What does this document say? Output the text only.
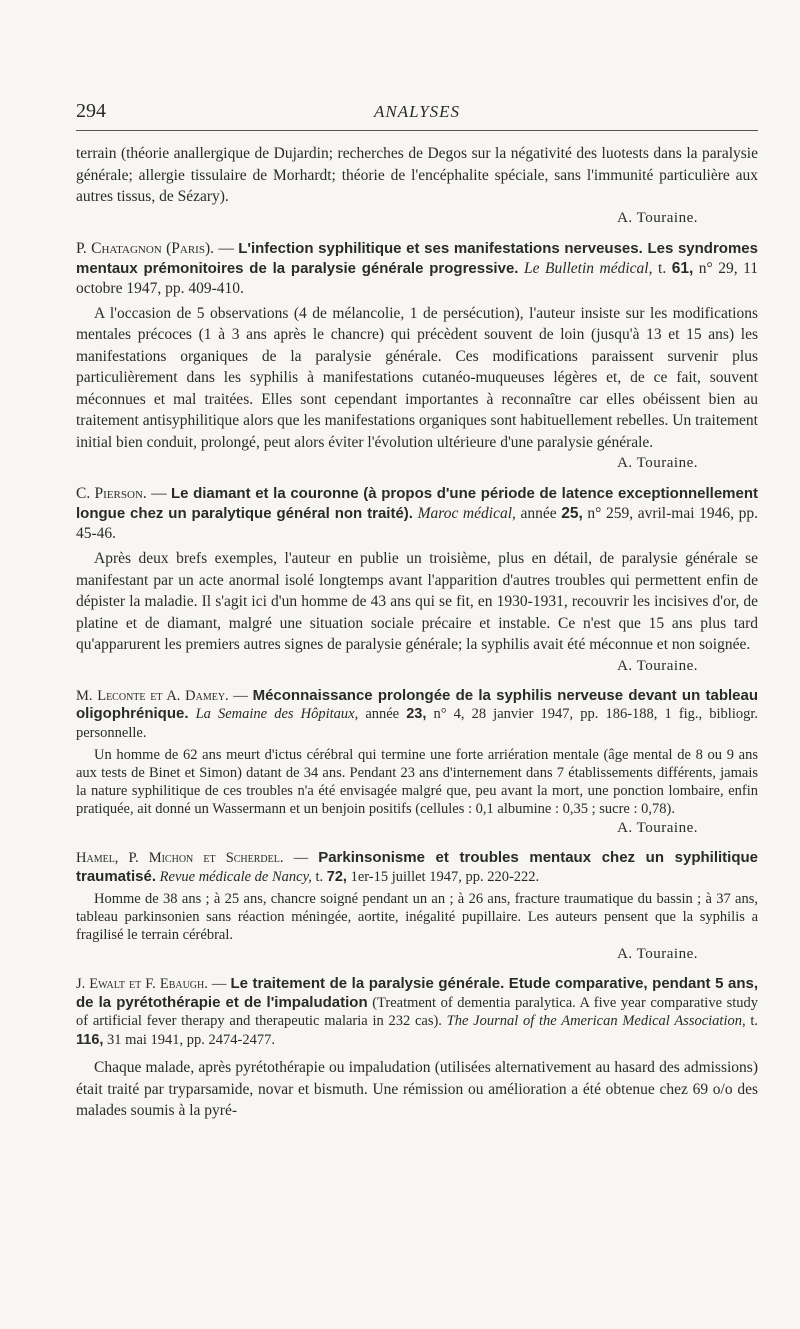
294	ANALYSES

terrain (théorie anallergique de Dujardin; recherches de Degos sur la négativité des luotests dans la paralysie générale; allergie tissulaire de Morhardt; théorie de l'encéphalite spéciale, sans l'immunité particulière aux autres tissus, de Sézary).

A. Touraine.
P. Chatagnon (Paris). — L'infection syphilitique et ses manifestations nerveuses. Les syndromes mentaux prémonitoires de la paralysie générale progressive. Le Bulletin médical, t. 61, n° 29, 11 octobre 1947, pp. 409-410.

A l'occasion de 5 observations (4 de mélancolie, 1 de persécution), l'auteur insiste sur les modifications mentales précoces (1 à 3 ans après le chancre) qui précèdent souvent de loin (jusqu'à 13 et 15 ans) les manifestations organiques de la paralysie générale. Ces modifications paraissent survenir plus particulièrement dans les syphilis à manifestations cutanéo-muqueuses légères et, de ce fait, souvent méconnues et mal traitées. Elles sont cependant importantes à reconnaître car elles obéissent bien au traitement antisyphilitique alors que les manifestations organiques sont habituellement rebelles. Un traitement initial bien conduit, prolongé, peut alors éviter l'évolution ultérieure d'une paralysie générale.

A. Touraine.
C. Pierson. — Le diamant et la couronne (à propos d'une période de latence exceptionnellement longue chez un paralytique général non traité). Maroc médical, année 25, n° 259, avril-mai 1946, pp. 45-46.

Après deux brefs exemples, l'auteur en publie un troisième, plus en détail, de paralysie générale se manifestant par un acte anormal isolé longtemps avant l'apparition d'autres troubles qui permettent enfin de dépister la maladie. Il s'agit ici d'un homme de 43 ans qui se fit, en 1930-1931, recouvrir les incisives d'or, de platine et de diamant, malgré une situation sociale précaire et instable. Ce n'est que 15 ans plus tard qu'apparurent les premiers autres signes de paralysie générale; la syphilis avait été méconnue et non soignée.

A. Touraine.
M. Leconte et A. Damey. — Méconnaissance prolongée de la syphilis nerveuse devant un tableau oligophrénique. La Semaine des Hôpitaux, année 23, n° 4, 28 janvier 1947, pp. 186-188, 1 fig., bibliogr. personnelle.

Un homme de 62 ans meurt d'ictus cérébral qui termine une forte arriération mentale (âge mental de 8 ou 9 ans aux tests de Binet et Simon) datant de 34 ans. Pendant 23 ans d'internement dans 7 établissements différents, jamais la nature syphilitique de ces troubles n'a été envisagée malgré que, peu avant la mort, une ponction lombaire, enfin pratiquée, ait donné un Wassermann et un benjoin positifs (cellules : 0,1 albumine : 0,35 ; sucre : 0,78).

A. Touraine.
Hamel, P. Michon et Scherdel. — Parkinsonisme et troubles mentaux chez un syphilitique traumatisé. Revue médicale de Nancy, t. 72, 1er-15 juillet 1947, pp. 220-222.

Homme de 38 ans ; à 25 ans, chancre soigné pendant un an ; à 26 ans, fracture traumatique du bassin ; à 37 ans, tableau parkinsonien sans réaction méningée, aortite, inégalité pupillaire. Les auteurs pensent que la syphilis a fragilisé le terrain cérébral.

A. Touraine.
J. Ewalt et F. Ebaugh. — Le traitement de la paralysie générale. Etude comparative, pendant 5 ans, de la pyrétothérapie et de l'impaludation (Treatment of dementia paralytica. A five year comparative study of artificial fever therapy and therapeutic malaria in 232 cas). The Journal of the American Medical Association, t. 116, 31 mai 1941, pp. 2474-2477.

Chaque malade, après pyrétothérapie ou impaludation (utilisées alternativement au hasard des admissions) était traité par tryparsamide, novar et bismuth. Une rémission ou amélioration a été obtenue chez 69 o/o des malades soumis à la pyré-
